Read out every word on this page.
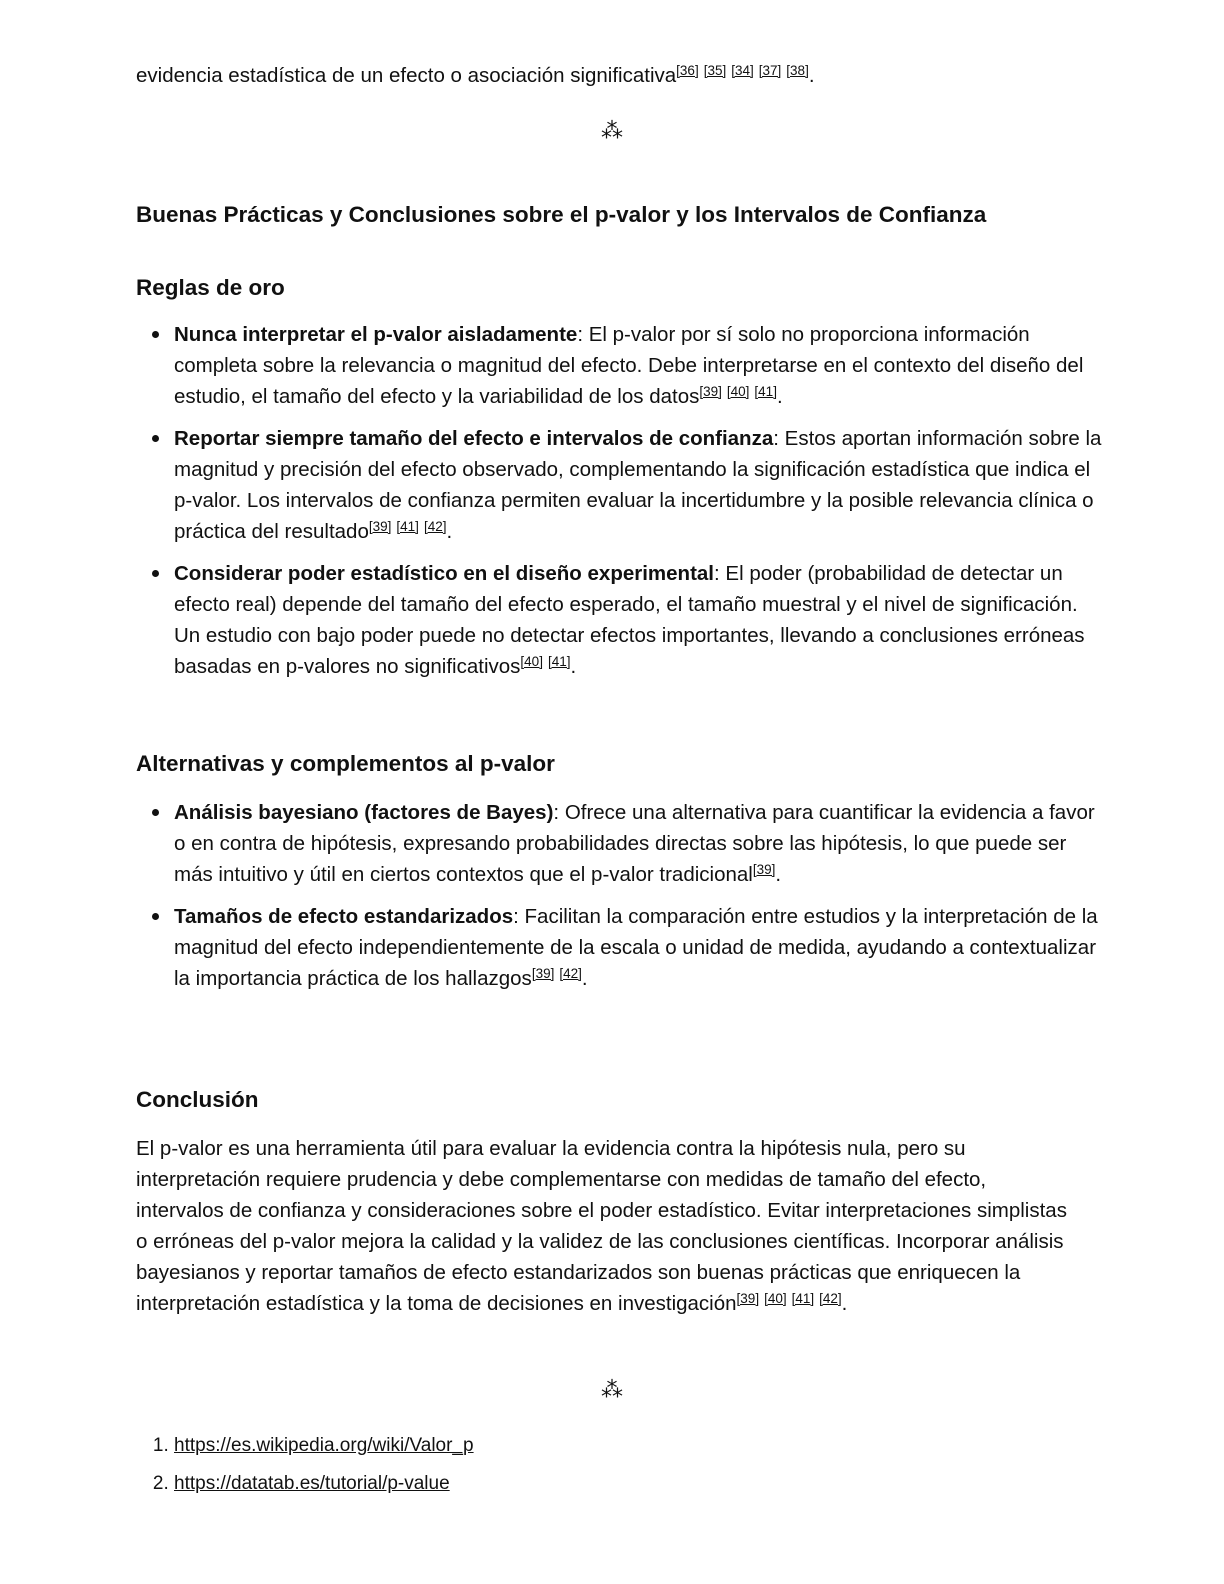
evidencia estadística de un efecto o asociación significativa[36] [35] [34] [37] [38].

⁂
Buenas Prácticas y Conclusiones sobre el p-valor y los Intervalos de Confianza
Reglas de oro
Nunca interpretar el p-valor aisladamente: El p-valor por sí solo no proporciona información completa sobre la relevancia o magnitud del efecto. Debe interpretarse en el contexto del diseño del estudio, el tamaño del efecto y la variabilidad de los datos[39] [40] [41].
Reportar siempre tamaño del efecto e intervalos de confianza: Estos aportan información sobre la magnitud y precisión del efecto observado, complementando la significación estadística que indica el p-valor. Los intervalos de confianza permiten evaluar la incertidumbre y la posible relevancia clínica o práctica del resultado[39] [41] [42].
Considerar poder estadístico en el diseño experimental: El poder (probabilidad de detectar un efecto real) depende del tamaño del efecto esperado, el tamaño muestral y el nivel de significación. Un estudio con bajo poder puede no detectar efectos importantes, llevando a conclusiones erróneas basadas en p-valores no significativos[40] [41].
Alternativas y complementos al p-valor
Análisis bayesiano (factores de Bayes): Ofrece una alternativa para cuantificar la evidencia a favor o en contra de hipótesis, expresando probabilidades directas sobre las hipótesis, lo que puede ser más intuitivo y útil en ciertos contextos que el p-valor tradicional[39].
Tamaños de efecto estandarizados: Facilitan la comparación entre estudios y la interpretación de la magnitud del efecto independientemente de la escala o unidad de medida, ayudando a contextualizar la importancia práctica de los hallazgos[39] [42].
Conclusión

El p-valor es una herramienta útil para evaluar la evidencia contra la hipótesis nula, pero su interpretación requiere prudencia y debe complementarse con medidas de tamaño del efecto, intervalos de confianza y consideraciones sobre el poder estadístico. Evitar interpretaciones simplistas o erróneas del p-valor mejora la calidad y la validez de las conclusiones científicas. Incorporar análisis bayesianos y reportar tamaños de efecto estandarizados son buenas prácticas que enriquecen la interpretación estadística y la toma de decisiones en investigación[39] [40] [41] [42].

⁂
1. https://es.wikipedia.org/wiki/Valor_p
2. https://datatab.es/tutorial/p-value
